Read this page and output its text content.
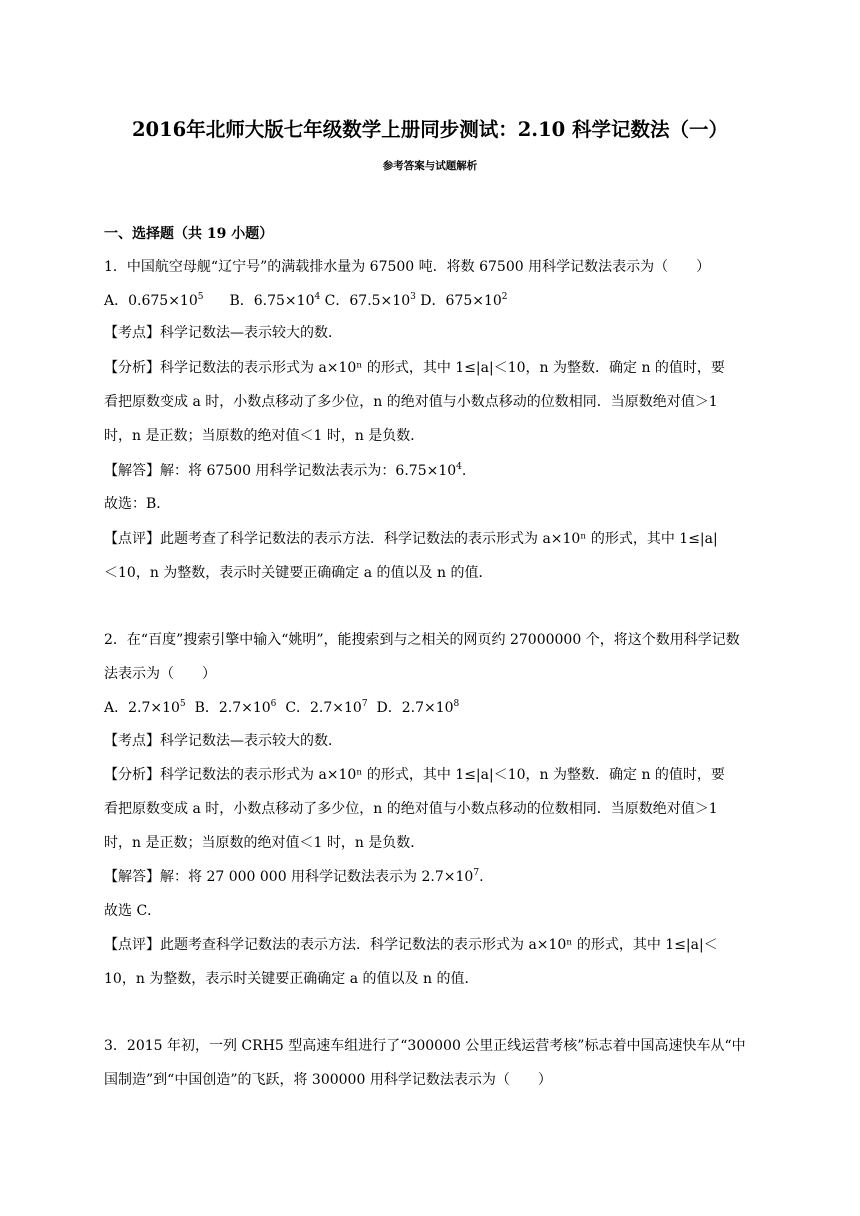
2016年北师大版七年级数学上册同步测试：2.10 科学记数法（一）
参考答案与试题解析
一、选择题（共 19 小题）
1．中国航空母舰“辽宁号”的满载排水量为 67500 吨．将数 67500 用科学记数法表示为（　　）
A．$0.675\times 10^5$ B．$6.75\times 10^4$ C．$67.5\times 10^3$ D．$675\times 10^2$
【考点】科学记数法—表示较大的数．
【分析】科学记数法的表示形式为 a×10ⁿ 的形式，其中 1≤|a|＜10，n 为整数．确定 n 的值时，要
看把原数变成 a 时，小数点移动了多少位，n 的绝对值与小数点移动的位数相同．当原数绝对值＞1
时，n 是正数；当原数的绝对值＜1 时，n 是负数．
【解答】解：将 67500 用科学记数法表示为：$6.75\times 10^4$.
故选：B．
【点评】此题考查了科学记数法的表示方法．科学记数法的表示形式为 a×10ⁿ 的形式，其中 1≤|a|
＜10，n 为整数，表示时关键要正确确定 a 的值以及 n 的值．
2．在“百度”搜索引擎中输入“姚明”，能搜索到与之相关的网页约 27000000 个，将这个数用科学记数
法表示为（　　）
A．$2.7\times 10^5$ B．$2.7\times 10^6$ C．$2.7\times 10^7$ D．$2.7\times 10^8$
【考点】科学记数法—表示较大的数．
【分析】科学记数法的表示形式为 a×10ⁿ 的形式，其中 1≤|a|＜10，n 为整数．确定 n 的值时，要
看把原数变成 a 时，小数点移动了多少位，n 的绝对值与小数点移动的位数相同．当原数绝对值＞1
时，n 是正数；当原数的绝对值＜1 时，n 是负数．
【解答】解：将 27 000 000 用科学记数法表示为 $2.7\times 10^7$.
故选 C．
【点评】此题考查科学记数法的表示方法．科学记数法的表示形式为 a×10ⁿ 的形式，其中 1≤|a|＜
10，n 为整数，表示时关键要正确确定 a 的值以及 n 的值．
3．2015 年初，一列 CRH5 型高速车组进行了“300000 公里正线运营考核”标志着中国高速快车从“中
国制造”到“中国创造”的飞跃，将 300000 用科学记数法表示为（　　）
